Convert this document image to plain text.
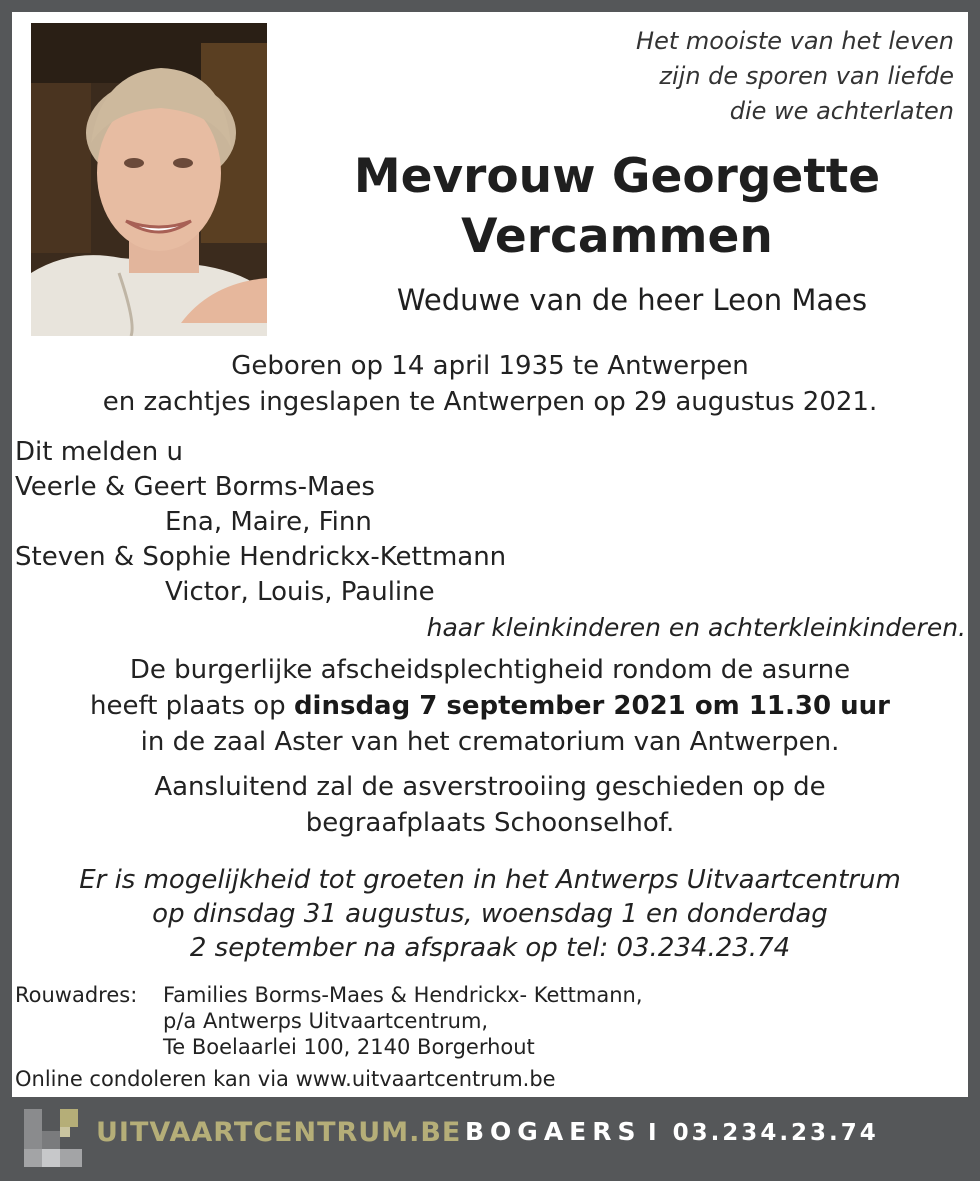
Het mooiste van het leven
zijn de sporen van liefde
die we achterlaten
Mevrouw Georgette
Vercammen
Weduwe van de heer Leon Maes
Geboren op 14 april 1935 te Antwerpen
en zachtjes ingeslapen te Antwerpen op 29 augustus 2021.
Dit melden u
Veerle & Geert Borms-Maes
Ena, Maire, Finn
Steven & Sophie Hendrickx-Kettmann
Victor, Louis, Pauline
haar kleinkinderen en achterkleinkinderen.
De burgerlijke afscheidsplechtigheid rondom de asurne
heeft plaats op dinsdag 7 september 2021 om 11.30 uur
in de zaal Aster van het crematorium van Antwerpen.
Aansluitend zal de asverstrooiing geschieden op de
begraafplaats Schoonselhof.
Er is mogelijkheid tot groeten in het Antwerps Uitvaartcentrum
op dinsdag 31 augustus, woensdag 1 en donderdag
2 september na afspraak op tel: 03.234.23.74
Rouwadres:	Families Borms-Maes & Hendrickx- Kettmann,
p/a Antwerps Uitvaartcentrum,
Te Boelaarlei 100, 2140 Borgerhout
Online condoleren kan via www.uitvaartcentrum.be
UITVAARTCENTRUM.BE BOGAERS I 03.234.23.74
